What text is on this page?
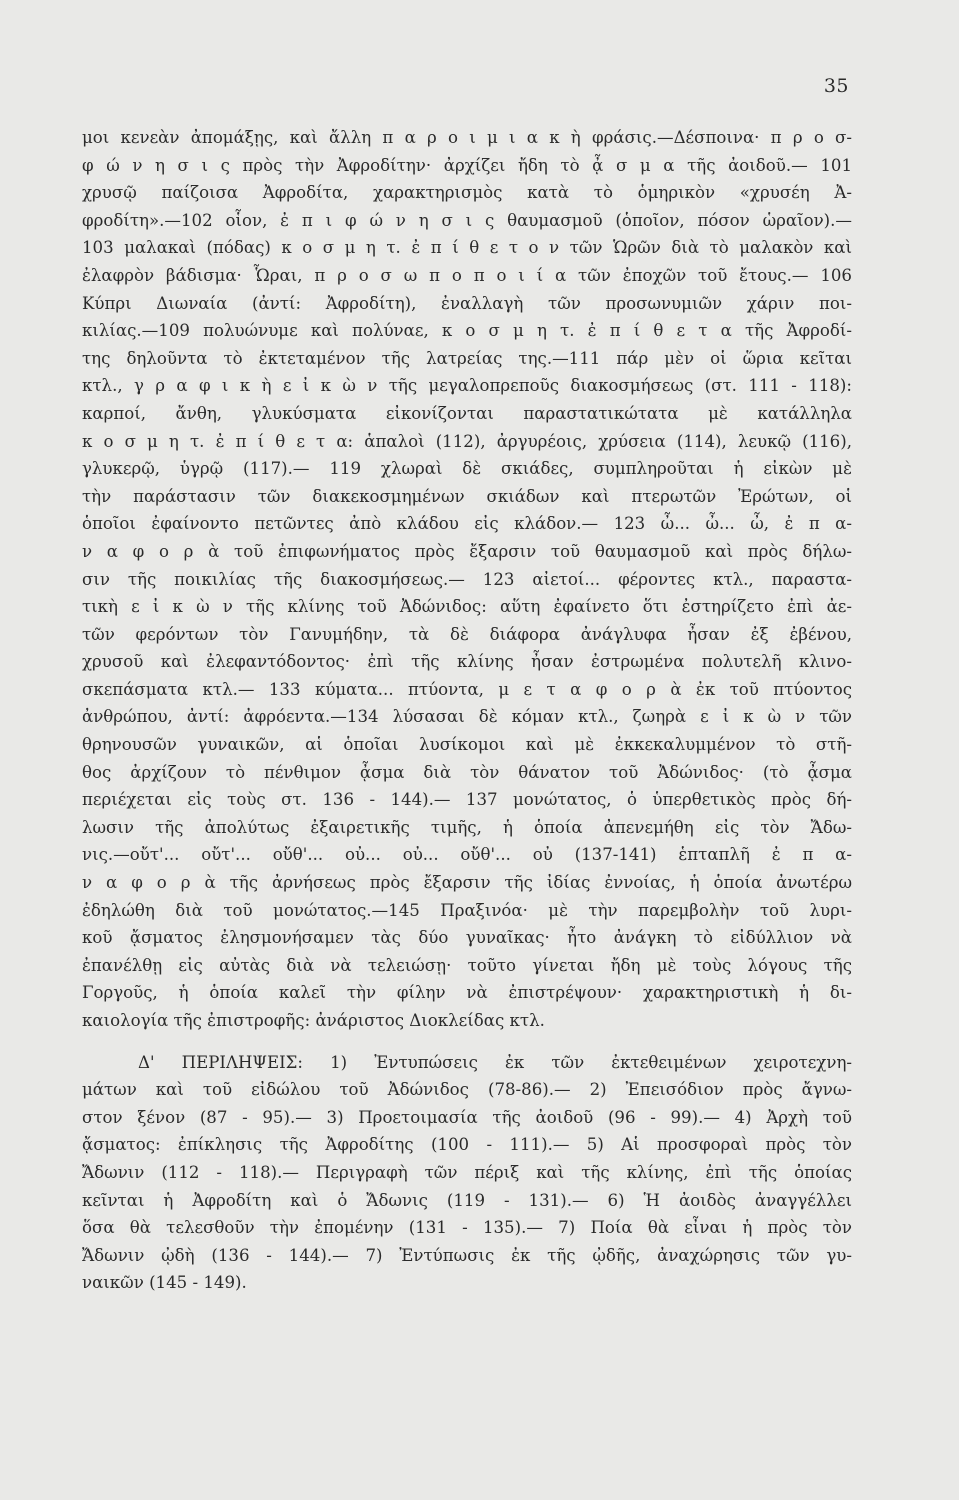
35
μοι κενεὰν ἀπομάξῃς, καὶ ἄλλη π α ρ ο ι μ ι α κ ὴ φράσις.—Δέσποινα· π ρ ο σ-
φ ώ ν η σ ι ς πρὸς τὴν Ἀφροδίτην· ἀρχίζει ἤδη τὸ ᾆ σ μ α τῆς ἀοιδοῦ.— 101
χρυσῷ παίζοισα Ἀφροδίτα, χαρακτηρισμὸς κατὰ τὸ ὁμηρικὸν «χρυσέη Ἀ-
φροδίτη».—102 οἷον, ἐ π ι φ ώ ν η σ ι ς θαυμασμοῦ (ὁποῖον, πόσον ὡραῖον).—
103 μαλακαὶ (πόδας) κ ο σ μ η τ. ἐ π ί θ ε τ ο ν τῶν Ὡρῶν διὰ τὸ μαλακὸν καὶ
ἐλαφρὸν βάδισμα· Ὧραι, π ρ ο σ ω π ο π ο ι ί α τῶν ἐποχῶν τοῦ ἔτους.— 106
Κύπρι Διωναία (ἀντί: Ἀφροδίτη), ἐναλλαγὴ τῶν προσωνυμιῶν χάριν ποι-
κιλίας.—109 πολυώνυμε καὶ πολύναε, κ ο σ μ η τ. ἐ π ί θ ε τ α τῆς Ἀφροδί-
της δηλοῦντα τὸ ἐκτεταμένον τῆς λατρείας της.—111 πάρ μὲν οἱ ὥρια κεῖται
κτλ., γ ρ α φ ι κ ὴ ε ἰ κ ὼ ν τῆς μεγαλοπρεποῦς διακοσμήσεως (στ. 111 - 118):
καρποί, ἄνθη, γλυκύσματα εἰκονίζονται παραστατικώτατα μὲ κατάλληλα
κ ο σ μ η τ. ἐ π ί θ ε τ α: ἁπαλοὶ (112), ἀργυρέοις, χρύσεια (114), λευκῷ (116),
γλυκερῷ, ὑγρῷ (117).— 119 χλωραὶ δὲ σκιάδες, συμπληροῦται ἡ εἰκὼν μὲ
τὴν παράστασιν τῶν διακεκοσμημένων σκιάδων καὶ πτερωτῶν Ἐρώτων, οἱ
ὁποῖοι ἐφαίνοντο πετῶντες ἀπὸ κλάδου εἰς κλάδον.— 123 ὦ... ὦ... ὦ, ἐ π α-
ν α φ ο ρ ὰ τοῦ ἐπιφωνήματος πρὸς ἔξαρσιν τοῦ θαυμασμοῦ καὶ πρὸς δήλω-
σιν τῆς ποικιλίας τῆς διακοσμήσεως.— 123 αἰετοί... φέροντες κτλ., παραστα-
τικὴ ε ἰ κ ὼ ν τῆς κλίνης τοῦ Ἀδώνιδος: αὕτη ἐφαίνετο ὅτι ἐστηρίζετο ἐπὶ ἀε-
τῶν φερόντων τὸν Γανυμήδην, τὰ δὲ διάφορα ἀνάγλυφα ἦσαν ἐξ ἐβένου,
χρυσοῦ καὶ ἐλεφαντόδοντος· ἐπὶ τῆς κλίνης ἦσαν ἐστρωμένα πολυτελῆ κλινο-
σκεπάσματα κτλ.— 133 κύματα... πτύοντα, μ ε τ α φ ο ρ ὰ ἐκ τοῦ πτύοντος
ἀνθρώπου, ἀντί: ἀφρόεντα.—134 λύσασαι δὲ κόμαν κτλ., ζωηρὰ ε ἰ κ ὼ ν τῶν
θρηνουσῶν γυναικῶν, αἱ ὁποῖαι λυσίκομοι καὶ μὲ ἐκκεκαλυμμένον τὸ στῆ-
θος ἀρχίζουν τὸ πένθιμον ᾆσμα διὰ τὸν θάνατον τοῦ Ἀδώνιδος· (τὸ ᾆσμα
περιέχεται εἰς τοὺς στ. 136 - 144).— 137 μονώτατος, ὁ ὑπερθετικὸς πρὸς δή-
λωσιν τῆς ἀπολύτως ἐξαιρετικῆς τιμῆς, ἡ ὁποία ἀπενεμήθη εἰς τὸν Ἄδω-
νις.—οὔτ'... οὔτ'... οὔθ'... οὐ... οὐ... οὔθ'... οὐ (137-141) ἑπταπλῆ ἐ π α-
ν α φ ο ρ ὰ τῆς ἀρνήσεως πρὸς ἔξαρσιν τῆς ἰδίας ἐννοίας, ἡ ὁποία ἀνωτέρω
ἐδηλώθη διὰ τοῦ μονώτατος.—145 Πραξινόα· μὲ τὴν παρεμβολὴν τοῦ λυρι-
κοῦ ᾄσματος ἐλησμονήσαμεν τὰς δύο γυναῖκας· ἦτο ἀνάγκη τὸ εἰδύλλιον νὰ
ἐπανέλθῃ εἰς αὐτὰς διὰ νὰ τελειώσῃ· τοῦτο γίνεται ἤδη μὲ τοὺς λόγους τῆς
Γοργοῦς, ἡ ὁποία καλεῖ τὴν φίλην νὰ ἐπιστρέψουν· χαρακτηριστικὴ ἡ δι-
καιολογία τῆς ἐπιστροφῆς: ἀνάριστος Διοκλείδας κτλ.
Δ' ΠΕΡΙΛΗΨΕΙΣ: 1) Ἐντυπώσεις ἐκ τῶν ἐκτεθειμένων χειροτεχνη-
μάτων καὶ τοῦ εἰδώλου τοῦ Ἀδώνιδος (78-86).— 2) Ἐπεισόδιον πρὸς ἄγνω-
στον ξένον (87 - 95).— 3) Προετοιμασία τῆς ἀοιδοῦ (96 - 99).— 4) Ἀρχὴ τοῦ
ᾄσματος: ἐπίκλησις τῆς Ἀφροδίτης (100 - 111).— 5) Αἱ προσφοραὶ πρὸς τὸν
Ἄδωνιν (112 - 118).— Περιγραφὴ τῶν πέριξ καὶ τῆς κλίνης, ἐπὶ τῆς ὁποίας
κεῖνται ἡ Ἀφροδίτη καὶ ὁ Ἄδωνις (119 - 131).— 6) Ἡ ἀοιδὸς ἀναγγέλλει
ὅσα θὰ τελεσθοῦν τὴν ἐπομένην (131 - 135).— 7) Ποία θὰ εἶναι ἡ πρὸς τὸν
Ἄδωνιν ᾠδὴ (136 - 144).— 7) Ἐντύπωσις ἐκ τῆς ᾠδῆς, ἀναχώρησις τῶν γυ-
ναικῶν (145 - 149).
